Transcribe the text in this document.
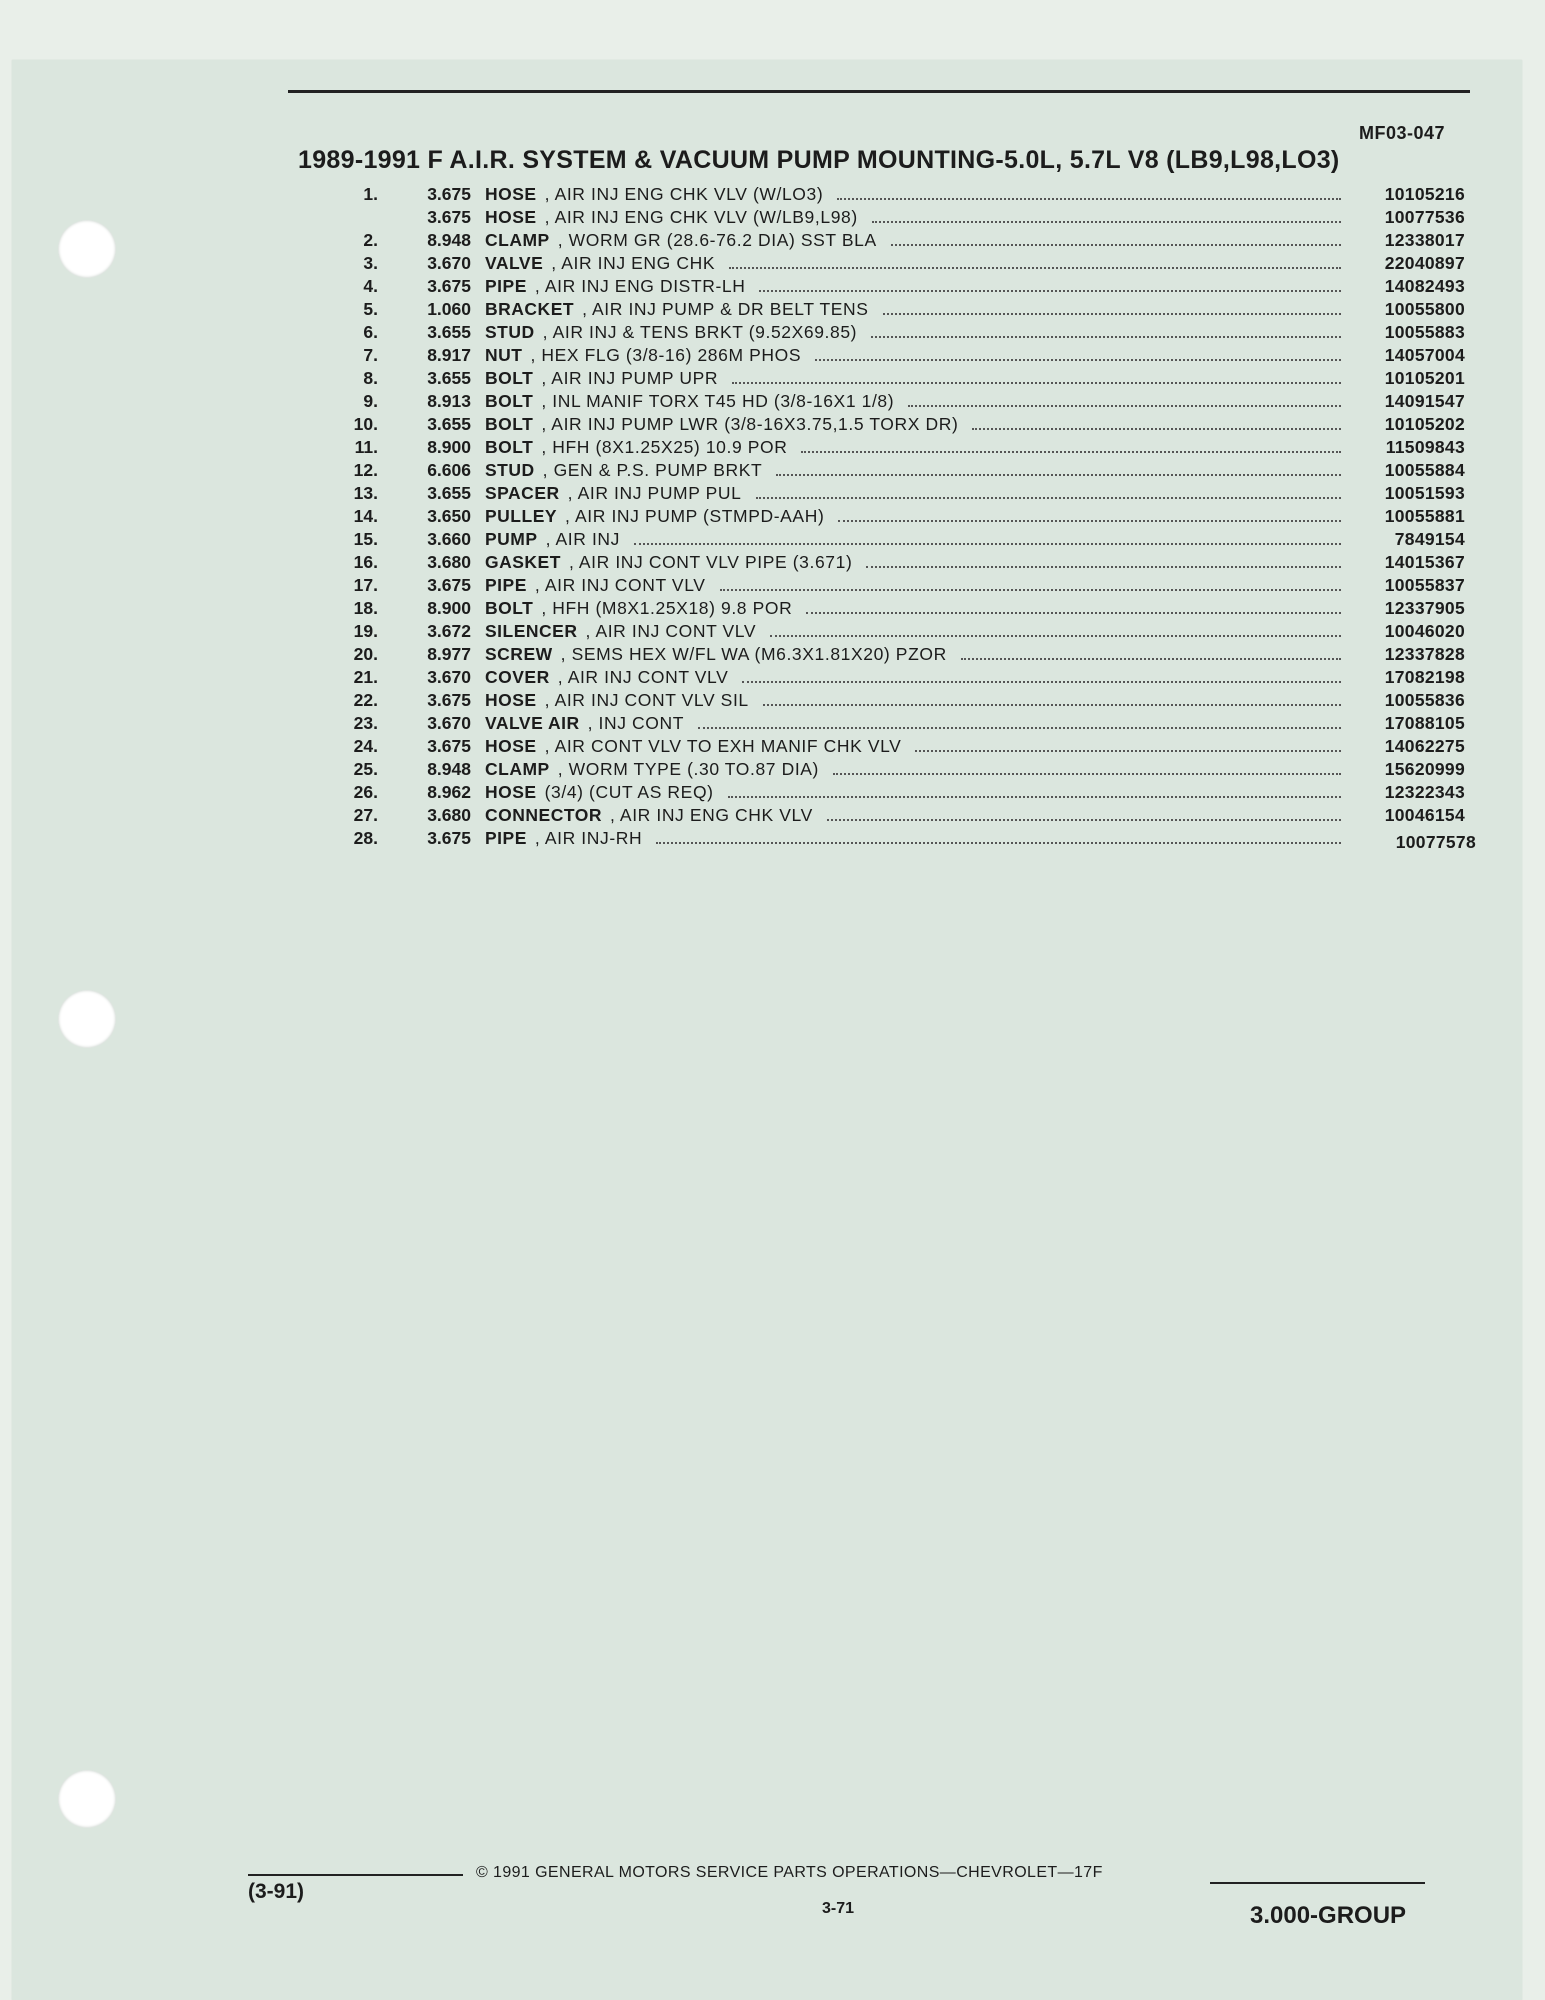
MF03-047
1989-1991 F A.I.R. SYSTEM & VACUUM PUMP MOUNTING-5.0L, 5.7L V8 (LB9,L98,LO3)
1.	3.675 HOSE , AIR INJ ENG CHK VLV (W/LO3)	10105216
3.675 HOSE , AIR INJ ENG CHK VLV (W/LB9,L98)	10077536
2.	8.948 CLAMP , WORM GR (28.6-76.2 DIA) SST BLA	12338017
3.	3.670 VALVE , AIR INJ ENG CHK	22040897
4.	3.675 PIPE , AIR INJ ENG DISTR-LH	14082493
5.	1.060 BRACKET , AIR INJ PUMP & DR BELT TENS	10055800
6.	3.655 STUD , AIR INJ & TENS BRKT (9.52X69.85)	10055883
7.	8.917 NUT , HEX FLG (3/8-16) 286M PHOS	14057004
8.	3.655 BOLT , AIR INJ PUMP UPR	10105201
9.	8.913 BOLT , INL MANIF TORX T45 HD (3/8-16X1 1/8)	14091547
10.	3.655 BOLT , AIR INJ PUMP LWR (3/8-16X3.75,1.5 TORX DR)	10105202
11.	8.900 BOLT , HFH (8X1.25X25) 10.9 POR	11509843
12.	6.606 STUD , GEN & P.S. PUMP BRKT	10055884
13.	3.655 SPACER , AIR INJ PUMP PUL	10051593
14.	3.650 PULLEY , AIR INJ PUMP (STMPD-AAH)	10055881
15.	3.660 PUMP , AIR INJ	7849154
16.	3.680 GASKET , AIR INJ CONT VLV PIPE (3.671)	14015367
17.	3.675 PIPE , AIR INJ CONT VLV	10055837
18.	8.900 BOLT , HFH (M8X1.25X18) 9.8 POR	12337905
19.	3.672 SILENCER , AIR INJ CONT VLV	10046020
20.	8.977 SCREW , SEMS HEX W/FL WA (M6.3X1.81X20) PZOR	12337828
21.	3.670 COVER , AIR INJ CONT VLV	17082198
22.	3.675 HOSE , AIR INJ CONT VLV SIL	10055836
23.	3.670 VALVE AIR , INJ CONT	17088105
24.	3.675 HOSE , AIR CONT VLV TO EXH MANIF CHK VLV	14062275
25.	8.948 CLAMP , WORM TYPE (.30 TO.87 DIA)	15620999
26.	8.962 HOSE (3/4) (CUT AS REQ)	12322343
27.	3.680 CONNECTOR , AIR INJ ENG CHK VLV	10046154
28.	3.675 PIPE , AIR INJ-RH	10077578
(3-91)
© 1991 GENERAL MOTORS SERVICE PARTS OPERATIONS—CHEVROLET—17F
3-71	3.000-GROUP
